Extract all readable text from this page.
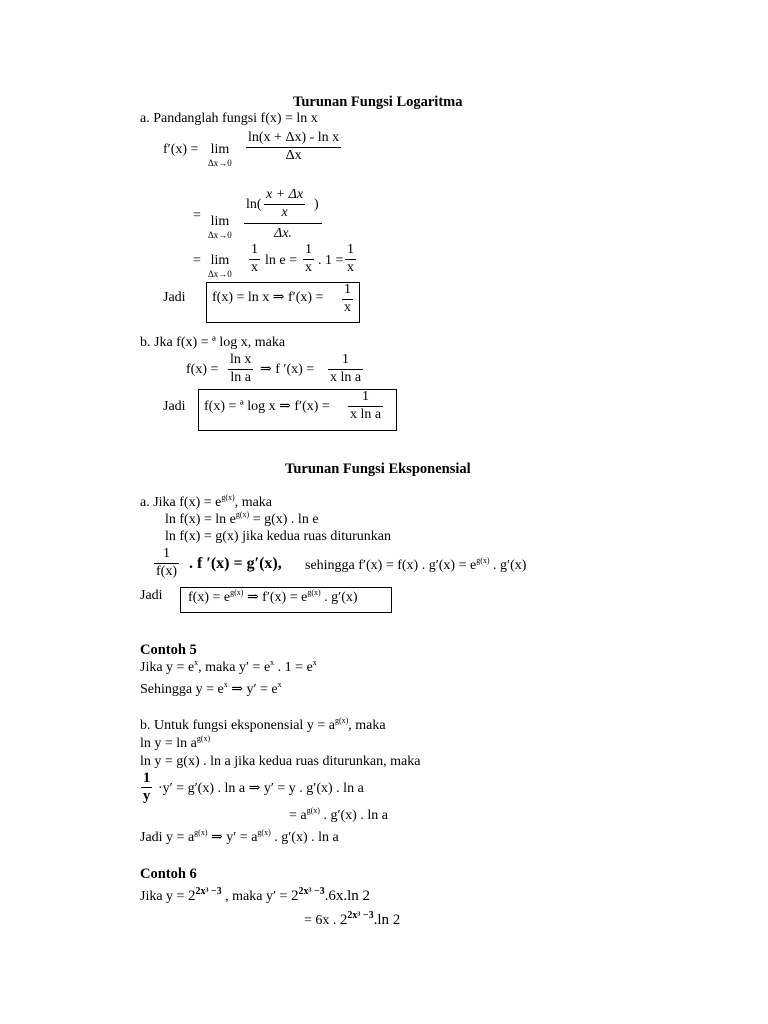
Turunan Fungsi Logaritma
a. Pandanglah fungsi f(x) = ln x
f′(x) = lim
Δx→0
ln(x + Δx) - ln x
Δx
= lim
Δx→0
ln(
x + Δx
x
)
Δx.
= lim
Δx→0
1
x ln e =
1
x . 1 =
1
x
Jadi f(x) = ln x ⇒ f′(x) =
1
x
b. Jka f(x) = ª log x, maka
f(x) =
ln x
ln a
⇒ f ′(x) =
1
x ln a
Jadi f(x) = ª log x ⇒ f′(x) =
1
x ln a
Turunan Fungsi Eksponensial
a. Jika $f(x) = e^{g(x)}$, maka
$\ln f(x) = \ln e^{g(x)} = g(x)$ . ln e
ln f(x) = g(x) jika kedua ruas diturunkan
1
f(x) . f ′(x) = g′(x), sehingga f′(x) = f(x) . $g'(x) = e^{g(x)}$ . g′(x)
Jadi $f(x) = e^{g(x)}$ ⇒ $f'(x) = e^{g(x)}$ . g′(x)
Contoh 5
Jika $y = e^x$, maka $y' = e^x$ . $1 = e^x$
Sehingga $y = e^x$ ⇒ $y' = e^x$
b. Untuk fungsi eksponensial $y = a^{g(x)}$, maka
$\ln y = \ln a^{g(x)}$
ln y = g(x) . ln a jika kedua ruas diturunkan, maka
1
y ·y′ = g′(x) . ln a ⇒ y′ = y . g′(x) . ln a
= $a^{g(x)}$ . g′(x) . ln a
Jadi $y = a^{g(x)}$ ⇒ $y' = a^{g(x)}$ . g′(x) . ln a
Contoh 6
Jika $y = 2^{2x^3 -3}$ , maka $y' = 2^{2x^3 -3}.6x.\ln$ 2
= 6x . $2^{2x^3 -3}.\ln$ 2
